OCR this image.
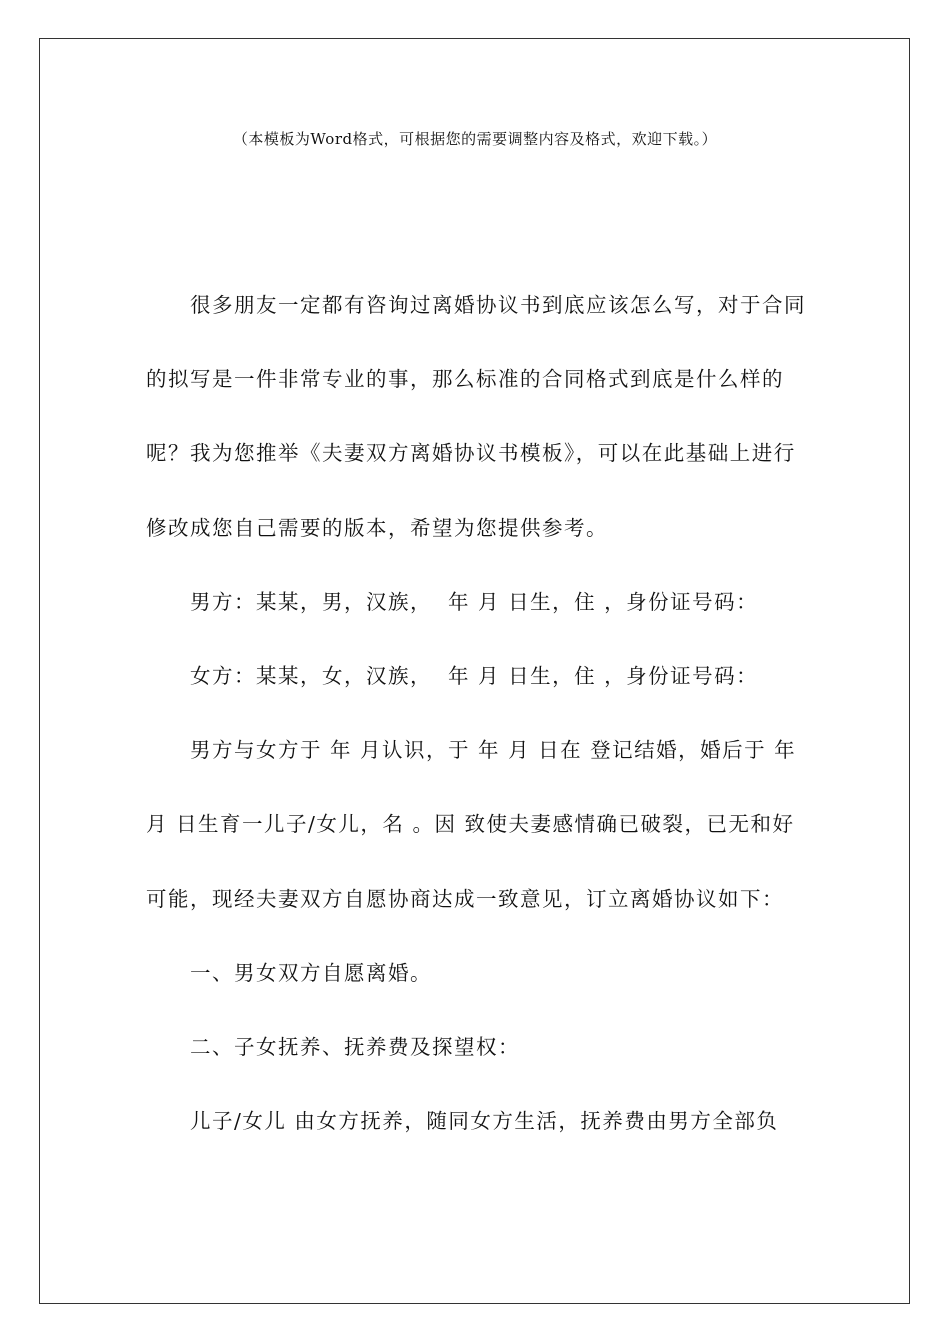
（本模板为Word格式，可根据您的需要调整内容及格式，欢迎下载。）

很多朋友一定都有咨询过离婚协议书到底应该怎么写，对于合同的拟写是一件非常专业的事，那么标准的合同格式到底是什么样的呢？我为您推举《夫妻双方离婚协议书模板》，可以在此基础上进行修改成您自己需要的版本，希望为您提供参考。

男方：某某，男，汉族，  年 月 日生，住 ，身份证号码：

女方：某某，女，汉族，  年 月 日生，住 ，身份证号码：

男方与女方于 年 月认识，于 年 月 日在 登记结婚，婚后于 年 月 日生育一儿子/女儿，名 。因 致使夫妻感情确已破裂，已无和好可能，现经夫妻双方自愿协商达成一致意见，订立离婚协议如下：

一、男女双方自愿离婚。

二、子女抚养、抚养费及探望权：

儿子/女儿 由女方抚养，随同女方生活，抚养费由男方全部负
